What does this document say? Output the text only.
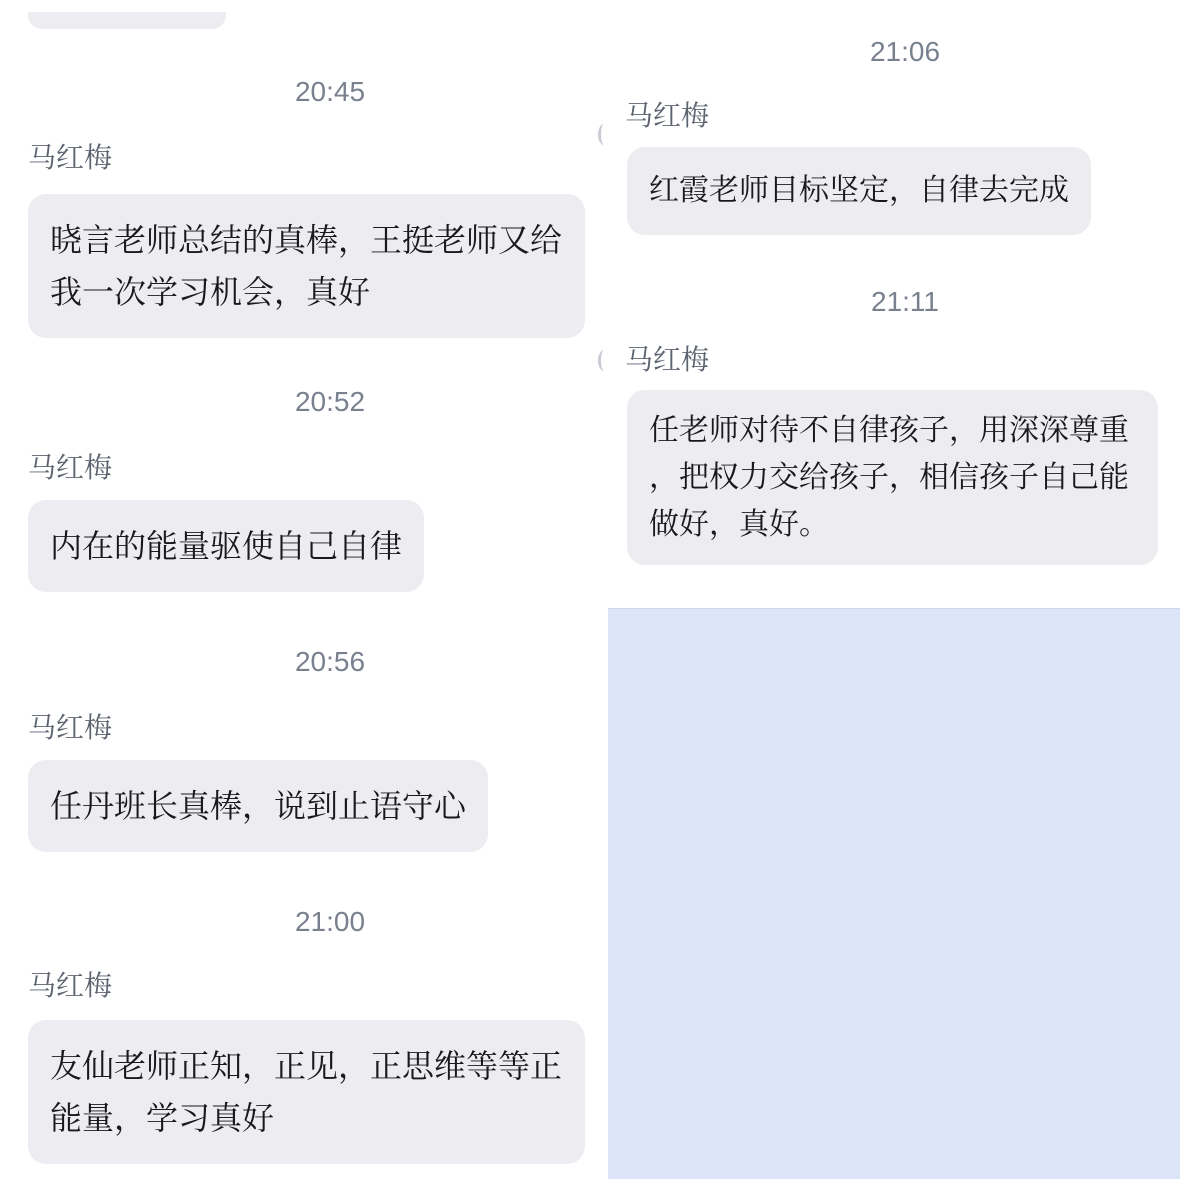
20:45
马红梅
晓言老师总结的真棒，王挺老师又给我一次学习机会，真好
20:52
马红梅
内在的能量驱使自己自律
20:56
马红梅
任丹班长真棒，说到止语守心
21:00
马红梅
友仙老师正知，正见，正思维等等正能量，学习真好
21:06
马红梅
红霞老师目标坚定，自律去完成
21:11
马红梅
任老师对待不自律孩子，用深深尊重，把权力交给孩子，相信孩子自己能做好，真好。
